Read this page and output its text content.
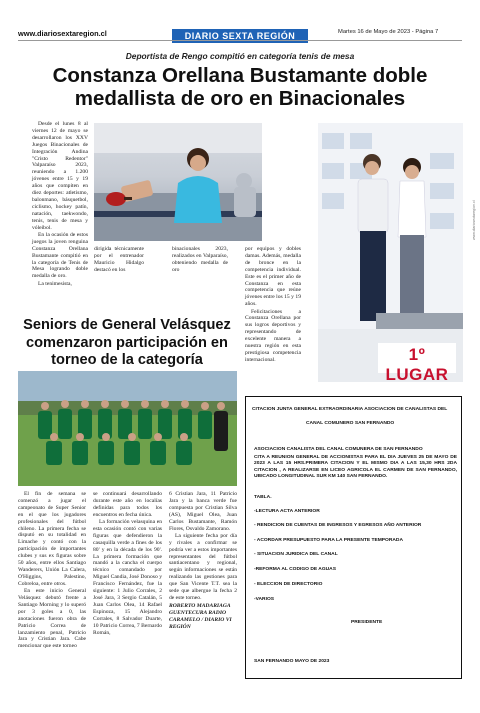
www.diariosextaregion.cl	DIARIO SEXTA REGIÓN	Martes 16 de Mayo de 2023 - Página 7
Deportista de Rengo compitió en categoría tenis de mesa
Constanza Orellana Bustamante doble
medallista de oro en Binacionales

Desde el lunes 8 al viernes 12 de mayo se desarrollaron los XXV Juegos Binacionales de Integración Andina "Cristo Redentor" Valparaíso 2023, reuniendo a 1.200 jóvenes entre 15 y 19 años que compiten en diez deportes: atletismo, balonmano, básquetbol, ciclismo, hockey patín, natación, taekwondo, tenis, tenis de mesa y vóleibol.

En la ocasión de estos juegos la joven renguina Constanza Orellana Bustamante compitió en la categoría de Tenis de Mesa logrando doble medalla de oro.

La tenimesista,

dirigida técnicamente por el entrenador Mauricio Hidalgo destacó en los

binacionales 2023, realizados en Valparaíso, obteniendo medalla de oro

por equipos y dobles damas. Además, medalla de bronce en la competencia individual. Este es el primer año de Constanza en esta competencia que reúne jóvenes entre los 15 y 19 años.

Felicitaciones a Constanza Orellana por sus logros deportivos y representando de excelente manera a nuestra región en esta prestigiosa competencia internacional.	1º LUGAR
www.diariosextaregion.cl
Seniors de General Velásquez
comenzaron participación en
torneo de la categoría

El fin de semana se comenzó a jugar el campeonato de Super Senior en el que los jugadores profesionales del fútbol chileno. La primera fecha se disputó en su totalidad en Limache y contó con la participación de importantes clubes y sus ex figuras sobre 50 años, entre ellos Santiago Wanderers, Unión La Calera, O'Higgins, Palestino, Cobreloa, entre otros.

En este inicio General Velásquez debutó frente a Santiago Morning y lo superó por 3 goles a 0, las anotaciones fueron obra de Patricio Correa de lanzamiento penal, Patricio Jara y Cristian Jara. Cabe mencionar que este torneo

se continuará desarrollando durante este año en localías definidas para todos los encuentros en fecha única.

La formación velasquina en esta ocasión contó con varias figuras que defendieron la casaquilla verde a fines de los 80' y en la década de los 90'. La primera formación que mandó a la cancha el cuerpo técnico comandado por Miguel Candia, José Donoso y Francisco Fernández, fue la siguiente: 1 Julio Corrales, 2 José Jara, 3 Sergio Catalán, 5 Juan Carlos Olea, 14 Rafael Espinoza, 15 Alejandro Corrales, 8 Salvador Duarte, 10 Patricio Correa, 7 Bernardo Román,

6 Cristian Jara, 11 Patricio Jara y la banca verde fue compuesta por Cristian Silva (AS), Miguel Olea, Juan Carlos Bustamante, Ramón Flores, Osvaldo Zamorano.

La siguiente fecha por día y rivales a confirmar se podría ver a estos importantes representantes del fútbol santiacentano y regional, según informaciones se están realizando las gestiones para que San Vicente T.T. sea la sede que albergue la fecha 2 de este torneo.

ROBERTO MADARIAGA GUENTECURA RADIO CARAMELO / DIARIO VI REGIÓN

CITACION JUNTA GENERAL EXTRAORDINARIA ASOCIACION DE CANALISTAS DEL
CANAL COMUNERO SAN FERNANDO
ASOCIACION CANALISTA DEL CANAL COMUNERA DE SAN FERNANDO
CITA A REUNION GENERAL DE ACCIONISTAS PARA EL DIA JUEVES 25 DE MAYO DE 2023 A LAS 15 HRS.PRIMERA CITACION Y EL MISMO DIA A LAS 15,30 HRS 2DA CITACION , A REALIZARSE EN LICEO AGRICOLA EL CARMEN DE SAN FERNANDO, UBICADO LONGITUDINAL SUR KM 140 SAN FERNANDO.
TABLA.
-LECTURA ACTA ANTERIOR
- RENDICION DE CUENTAS DE INGRESOS Y EGRESOS AÑO ANTERIOR
- ACORDAR PRESUPUESTO PARA LA PRESENTE TEMPORADA
- SITUACION JURIDICA DEL CANAL
-REFORMA AL CODIGO DE AGUAS
- ELECCION DE DIRECTORIO
-VARIOS
PRESIDENTE
SAN FERNANDO MAYO DE 2023
